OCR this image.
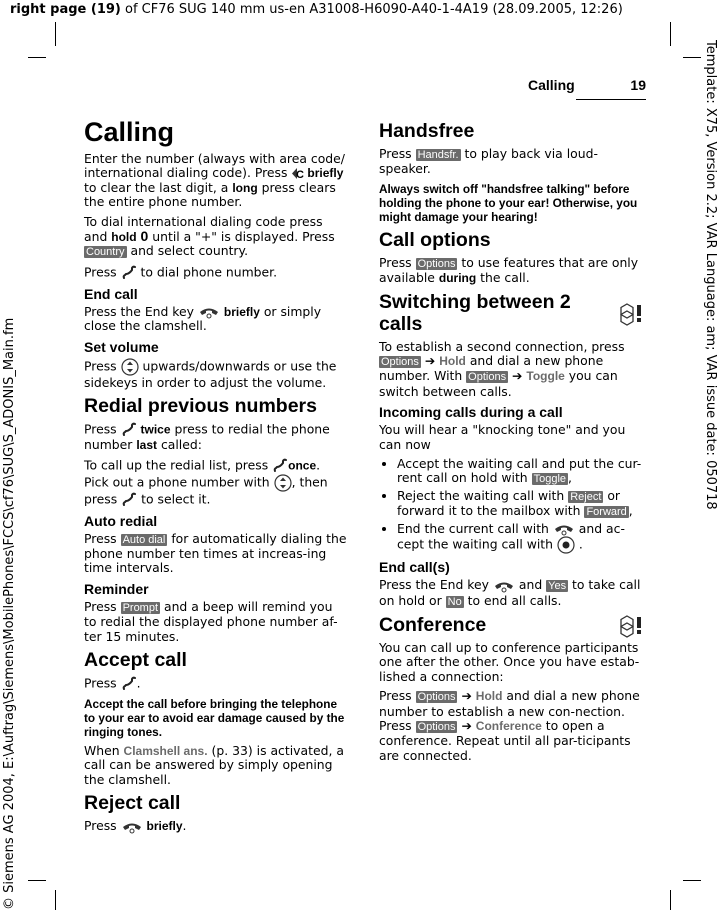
right page (19) of CF76 SUG 140 mm us-en A31008-H6090-A40-1-4A19 (28.09.2005, 12:26)
Template: X75, Version 2.2; VAR Language: am; VAR issue date: 050718
© Siemens AG 2004, E:\Auftrag\Siemens\MobilePhones\FCCS\cf76\SUG\S_ADONIS_Main.fm
Calling	19
Calling

Enter the number (always with area code/ international dialing code). Press C briefly to clear the last digit, a long press clears the entire phone number.

To dial international dialing code press and hold 0 until a "+" is displayed. Press Country and select country.

Press  to dial phone number.

End call

Press the End key  briefly or simply close the clamshell.

Set volume

Press  upwards/downwards or use the sidekeys in order to adjust the volume.

Redial previous numbers

Press  twice press to redial the phone number last called:

To call up the redial list, press once. Pick out a phone number with , then press  to select it.

Auto redial

Press Auto dial for automatically dialing the phone number ten times at increas-ing time intervals.

Reminder

Press Prompt and a beep will remind you to redial the displayed phone number af-ter 15 minutes.

Accept call

Press .

Accept the call before bringing the telephone to your ear to avoid ear damage caused by the ringing tones.

When Clamshell ans. (p. 33) is activated, a call can be answered by simply opening the clamshell.

Reject call

Press  briefly.

Handsfree

Press Handsfr. to play back via loud-speaker.

Always switch off "handsfree talking" before holding the phone to your ear! Otherwise, you might damage your hearing!

Call options

Press Options to use features that are only available during the call.

Switching between 2 calls

To establish a second connection, press Options ➔ Hold and dial a new phone number. With Options ➔ Toggle you can switch between calls.

Incoming calls during a call

You will hear a "knocking tone" and you can now

• Accept the waiting call and put the cur-rent call on hold with Toggle ,
• Reject the waiting call with Reject or forward it to the mailbox with Forward ,
• End the current call with  and ac-cept the waiting call with  .
End call(s)

Press the End key  and Yes to take call on hold or No to end all calls.

Conference

You can call up to conference participants one after the other. Once you have estab-lished a connection:

Press Options ➔ Hold and dial a new phone number to establish a new con-nection. Press Options ➔ Conference to open a conference. Repeat until all par-ticipants are connected.
